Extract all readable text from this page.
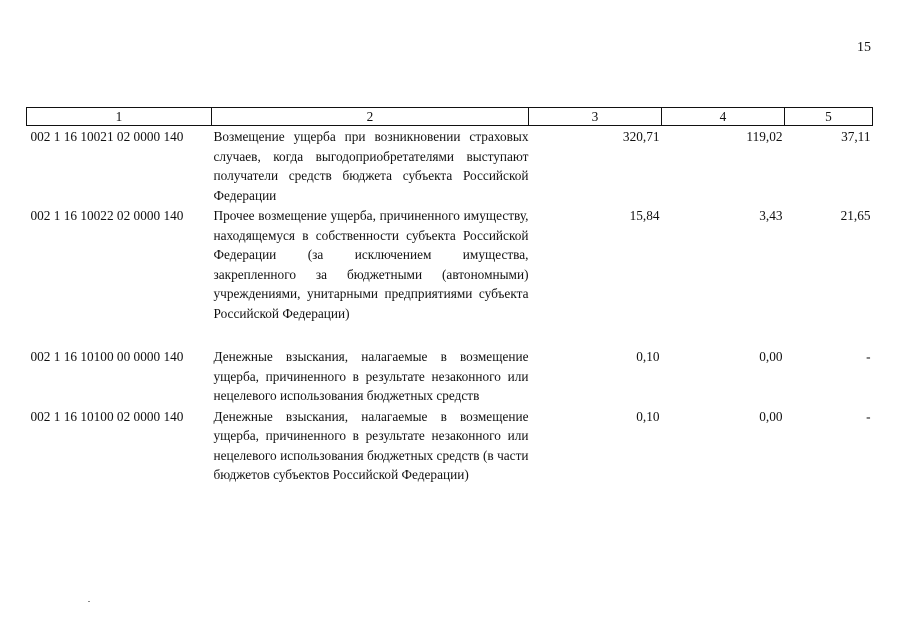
15
1	2	3	4	5
002 1 16 10021 02 0000 140	Возмещение ущерба при возникновении страховых случаев, когда выгодоприобретателями выступают получатели средств бюджета субъекта Российской Федерации	320,71	119,02	37,11
002 1 16 10022 02 0000 140	Прочее возмещение ущерба, причиненного имуществу, находящемуся в собственности субъекта Российской Федерации (за исключением имущества, закрепленного за бюджетными (автономными) учреждениями, унитарными предприятиями субъекта Российской Федерации)	15,84	3,43	21,65
002 1 16 10100 00 0000 140	Денежные взыскания, налагаемые в возмещение ущерба, причиненного в результате незаконного или нецелевого использования бюджетных средств	0,10	0,00	-
002 1 16 10100 02 0000 140	Денежные взыскания, налагаемые в возмещение ущерба, причиненного в результате незаконного или нецелевого использования бюджетных средств (в части бюджетов субъектов Российской Федерации)	0,10	0,00	-
